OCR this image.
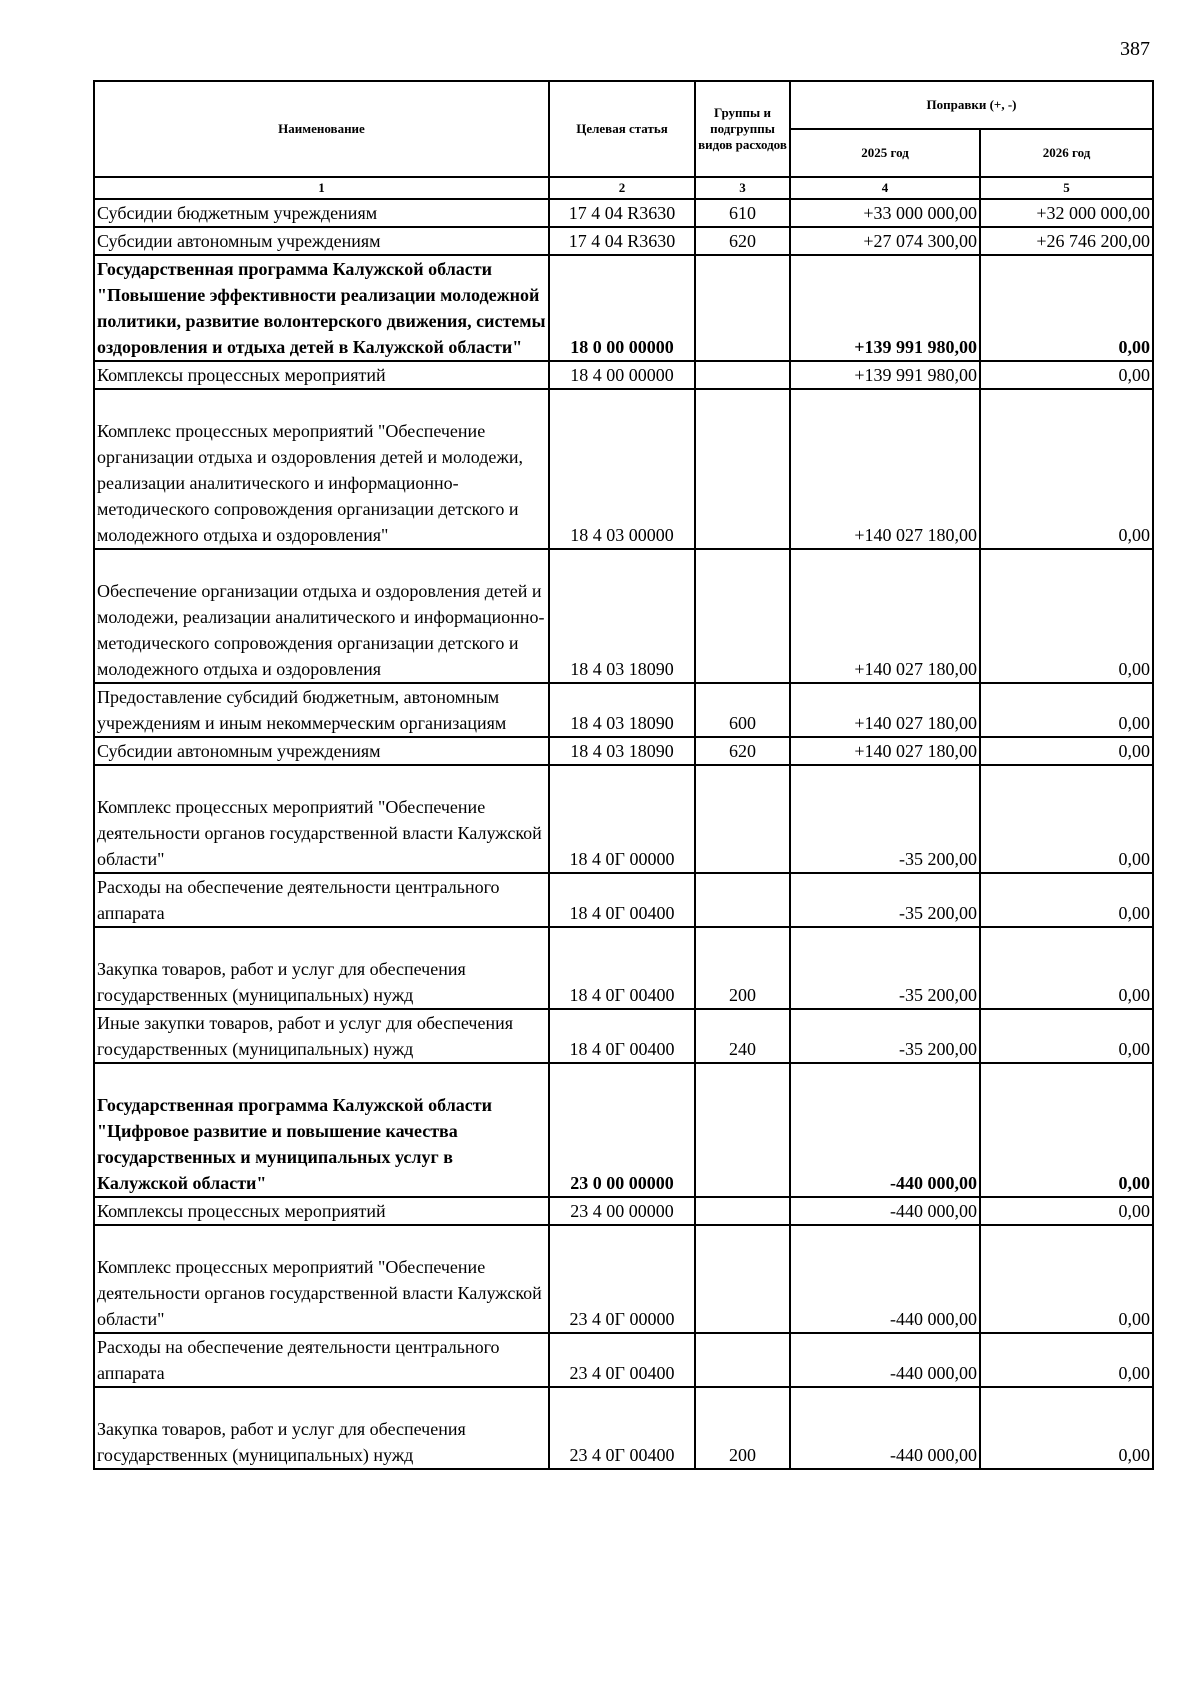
387
Наименование	Целевая статья	Группы и подгруппы видов расходов	Поправки (+, -)	
			2025 год	2026 год
1	2	3	4	5
Субсидии бюджетным учреждениям	17 4 04 R3630	610	+33 000 000,00	+32 000 000,00
Субсидии автономным учреждениям	17 4 04 R3630	620	+27 074 300,00	+26 746 200,00
Государственная программа Калужской области "Повышение эффективности реализации молодежной политики, развитие волонтерского движения, системы оздоровления и отдыха детей в Калужской области"	18 0 00 00000		+139 991 980,00	0,00
Комплексы процессных мероприятий	18 4 00 00000		+139 991 980,00	0,00
Комплекс процессных мероприятий "Обеспечение организации отдыха и оздоровления детей и молодежи, реализации аналитического и информационно-методического сопровождения организации детского и молодежного отдыха и оздоровления"	18 4 03 00000		+140 027 180,00	0,00
Обеспечение организации отдыха и оздоровления детей и молодежи, реализации аналитического и информационно-методического сопровождения организации детского и молодежного отдыха и оздоровления	18 4 03 18090		+140 027 180,00	0,00
Предоставление субсидий бюджетным, автономным учреждениям и иным некоммерческим организациям	18 4 03 18090	600	+140 027 180,00	0,00
Субсидии автономным учреждениям	18 4 03 18090	620	+140 027 180,00	0,00
Комплекс процессных мероприятий "Обеспечение деятельности органов государственной власти Калужской области"	18 4 0Г 00000		-35 200,00	0,00
Расходы на обеспечение деятельности центрального аппарата	18 4 0Г 00400		-35 200,00	0,00
Закупка товаров, работ и услуг для обеспечения государственных (муниципальных) нужд	18 4 0Г 00400	200	-35 200,00	0,00
Иные закупки товаров, работ и услуг для обеспечения государственных (муниципальных) нужд	18 4 0Г 00400	240	-35 200,00	0,00
Государственная программа Калужской области "Цифровое развитие и повышение качества государственных и муниципальных услуг в Калужской области"	23 0 00 00000		-440 000,00	0,00
Комплексы процессных мероприятий	23 4 00 00000		-440 000,00	0,00
Комплекс процессных мероприятий "Обеспечение деятельности органов государственной власти Калужской области"	23 4 0Г 00000		-440 000,00	0,00
Расходы на обеспечение деятельности центрального аппарата	23 4 0Г 00400		-440 000,00	0,00
Закупка товаров, работ и услуг для обеспечения государственных (муниципальных) нужд	23 4 0Г 00400	200	-440 000,00	0,00
